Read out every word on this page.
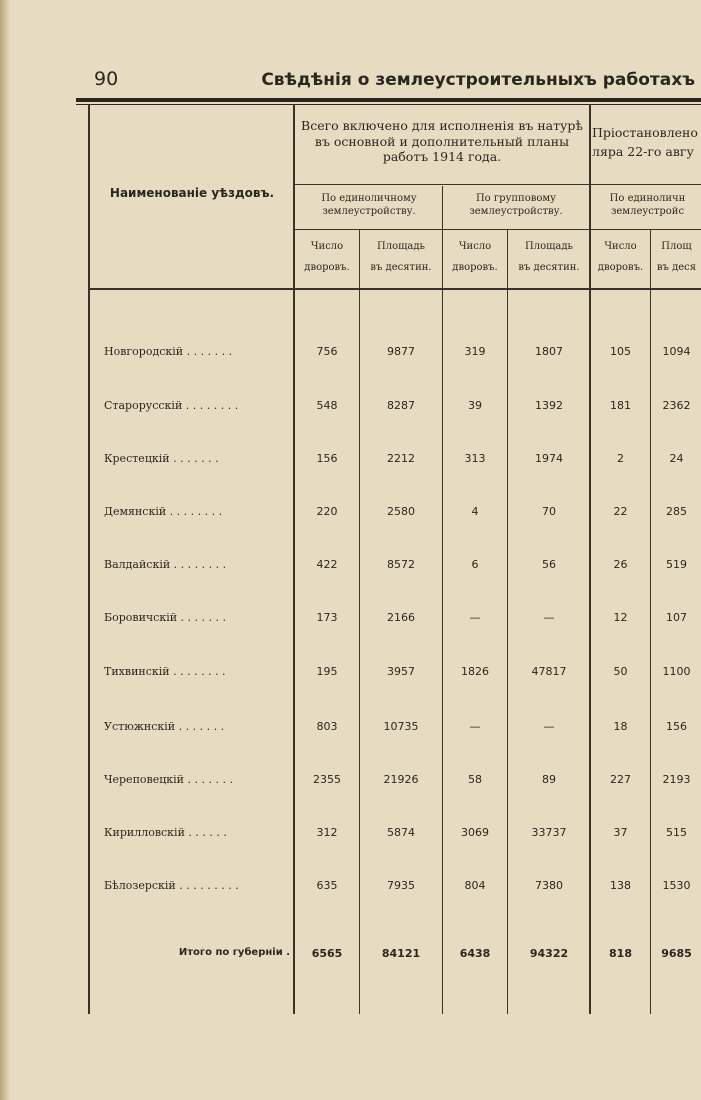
90	Свѣдѣнія о землеустроительныхъ работахъ
Наименованіе уѣздовъ.
Всего включено для исполненія въ натурѣ въ основной и дополнительный планы работъ 1914 года.
Пріостановлено ляра 22-го авгу
По единоличному землеустройству.
По групповому землеустройству.
По единоличн землеустройс
Число
дворовъ.
Площадь
въ десятин.
Число
дворовъ.
Площадь
въ десятин.
Число
дворовъ.
Площ
въ деся
Новгородскій . . . . . . .	756	9877	319	1807	105	1094
Старорусскій . . . . . . . .	548	8287	39	1392	181	2362
Крестецкій . . . . . . .	156	2212	313	1974	2	24
Демянскій . . . . . . . .	220	2580	4	70	22	285
Валдайскій . . . . . . . .	422	8572	6	56	26	519
Боровичскій . . . . . . .	173	2166	—	—	12	107
Тихвинскій . . . . . . . .	195	3957	1826	47817	50	1100
Устюжнскій . . . . . . .	803	10735	—	—	18	156
Череповецкій . . . . . . .	2355	21926	58	89	227	2193
Кирилловскій . . . . . .	312	5874	3069	33737	37	515
Бѣлозерскій . . . . . . . . .	635	7935	804	7380	138	1530
Итого по губерніи .	6565	84121	6438	94322	818	9685
